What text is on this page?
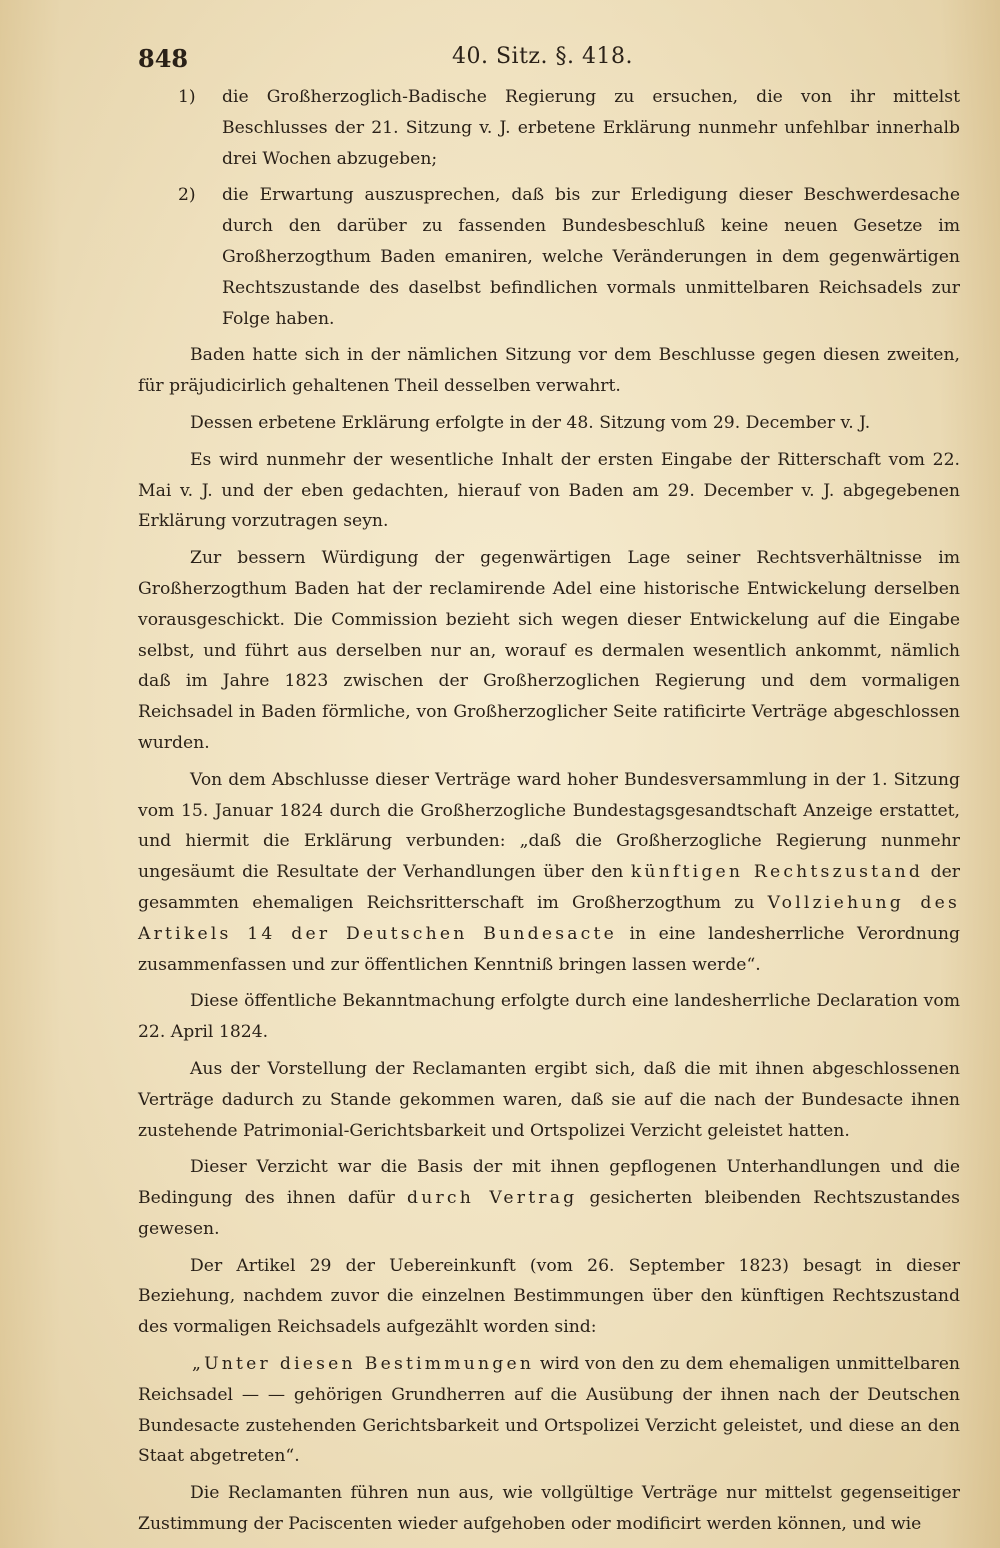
848	40. Sitz. §. 418.
1)	die Großherzoglich-Badische Regierung zu ersuchen, die von ihr mittelst Beschlusses der 21. Sitzung v. J. erbetene Erklärung nunmehr unfehlbar innerhalb drei Wochen abzugeben;
2)	die Erwartung auszusprechen, daß bis zur Erledigung dieser Beschwerdesache durch den darüber zu fassenden Bundesbeschluß keine neuen Gesetze im Großherzogthum Baden emaniren, welche Veränderungen in dem gegenwärtigen Rechtszustande des daselbst befindlichen vormals unmittelbaren Reichsadels zur Folge haben.

Baden hatte sich in der nämlichen Sitzung vor dem Beschlusse gegen diesen zweiten, für präjudicirlich gehaltenen Theil desselben verwahrt.

Dessen erbetene Erklärung erfolgte in der 48. Sitzung vom 29. December v. J.

Es wird nunmehr der wesentliche Inhalt der ersten Eingabe der Ritterschaft vom 22. Mai v. J. und der eben gedachten, hierauf von Baden am 29. December v. J. abgegebenen Erklärung vorzutragen seyn.

Zur bessern Würdigung der gegenwärtigen Lage seiner Rechtsverhältnisse im Großherzogthum Baden hat der reclamirende Adel eine historische Entwickelung derselben vorausgeschickt. Die Commission bezieht sich wegen dieser Entwickelung auf die Eingabe selbst, und führt aus derselben nur an, worauf es dermalen wesentlich ankommt, nämlich daß im Jahre 1823 zwischen der Großherzoglichen Regierung und dem vormaligen Reichsadel in Baden förmliche, von Großherzoglicher Seite ratificirte Verträge abgeschlossen wurden.

Von dem Abschlusse dieser Verträge ward hoher Bundesversammlung in der 1. Sitzung vom 15. Januar 1824 durch die Großherzogliche Bundestagsgesandtschaft Anzeige erstattet, und hiermit die Erklärung verbunden: „daß die Großherzogliche Regierung nunmehr ungesäumt die Resultate der Verhandlungen über den künftigen Rechtszustand der gesammten ehemaligen Reichsritterschaft im Großherzogthum zu Vollziehung des Artikels 14 der Deutschen Bundesacte in eine landesherrliche Verordnung zusammenfassen und zur öffentlichen Kenntniß bringen lassen werde“.

Diese öffentliche Bekanntmachung erfolgte durch eine landesherrliche Declaration vom 22. April 1824.

Aus der Vorstellung der Reclamanten ergibt sich, daß die mit ihnen abgeschlossenen Verträge dadurch zu Stande gekommen waren, daß sie auf die nach der Bundesacte ihnen zustehende Patrimonial-Gerichtsbarkeit und Ortspolizei Verzicht geleistet hatten.

Dieser Verzicht war die Basis der mit ihnen gepflogenen Unterhandlungen und die Bedingung des ihnen dafür durch Vertrag gesicherten bleibenden Rechtszustandes gewesen.

Der Artikel 29 der Uebereinkunft (vom 26. September 1823) besagt in dieser Beziehung, nachdem zuvor die einzelnen Bestimmungen über den künftigen Rechtszustand des vormaligen Reichsadels aufgezählt worden sind:

„Unter diesen Bestimmungen wird von den zu dem ehemaligen unmittelbaren Reichsadel — — gehörigen Grundherren auf die Ausübung der ihnen nach der Deutschen Bundesacte zustehenden Gerichtsbarkeit und Ortspolizei Verzicht geleistet, und diese an den Staat abgetreten“.

Die Reclamanten führen nun aus, wie vollgültige Verträge nur mittelst gegenseitiger Zustimmung der Paciscenten wieder aufgehoben oder modificirt werden können, und wie
